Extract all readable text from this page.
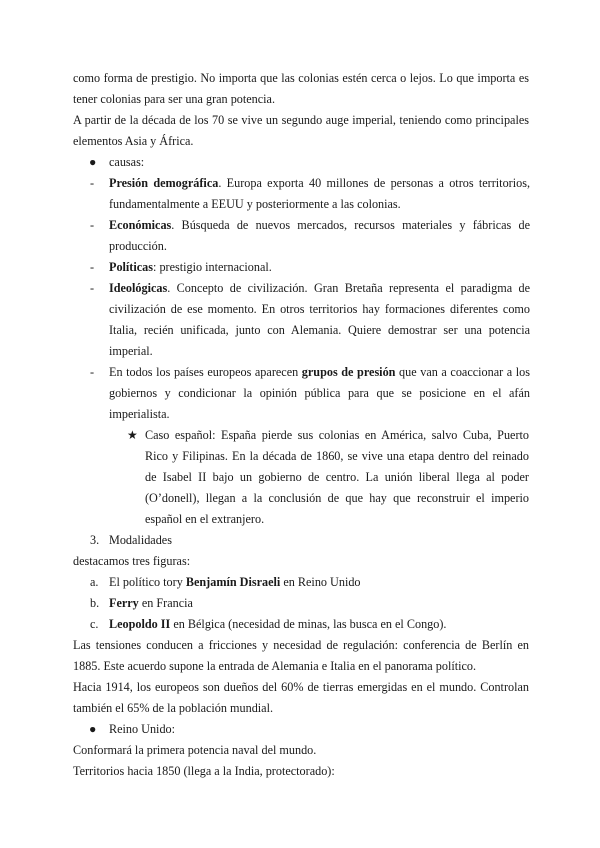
como forma de prestigio. No importa que las colonias estén cerca o lejos. Lo que importa es tener colonias para ser una gran potencia.

A partir de la década de los 70 se vive un segundo auge imperial, teniendo como principales elementos Asia y África.

●	causas:
-	Presión demográfica. Europa exporta 40 millones de personas a otros territorios, fundamentalmente a EEUU y posteriormente a las colonias.
-	Económicas. Búsqueda de nuevos mercados, recursos materiales y fábricas de producción.
-	Políticas: prestigio internacional.
-	Ideológicas. Concepto de civilización. Gran Bretaña representa el paradigma de civilización de ese momento. En otros territorios hay formaciones diferentes como Italia, recién unificada, junto con Alemania. Quiere demostrar ser una potencia imperial.
-	En todos los países europeos aparecen grupos de presión que van a coaccionar a los gobiernos y condicionar la opinión pública para que se posicione en el afán imperialista.
★ Caso español: España pierde sus colonias en América, salvo Cuba, Puerto Rico y Filipinas. En la década de 1860, se vive una etapa dentro del reinado de Isabel II bajo un gobierno de centro. La unión liberal llega al poder (O’donell), llegan a la conclusión de que hay que reconstruir el imperio español en el extranjero.
3. Modalidades

destacamos tres figuras:

a. El político tory Benjamín Disraeli en Reino Unido
b. Ferry en Francia
c. Leopoldo II en Bélgica (necesidad de minas, las busca en el Congo).

Las tensiones conducen a fricciones y necesidad de regulación: conferencia de Berlín en 1885. Este acuerdo supone la entrada de Alemania e Italia en el panorama político.

Hacia 1914, los europeos son dueños del 60% de tierras emergidas en el mundo. Controlan también el 65% de la población mundial.

●	Reino Unido:

Conformará la primera potencia naval del mundo.

Territorios hacia 1850 (llega a la India, protectorado):
